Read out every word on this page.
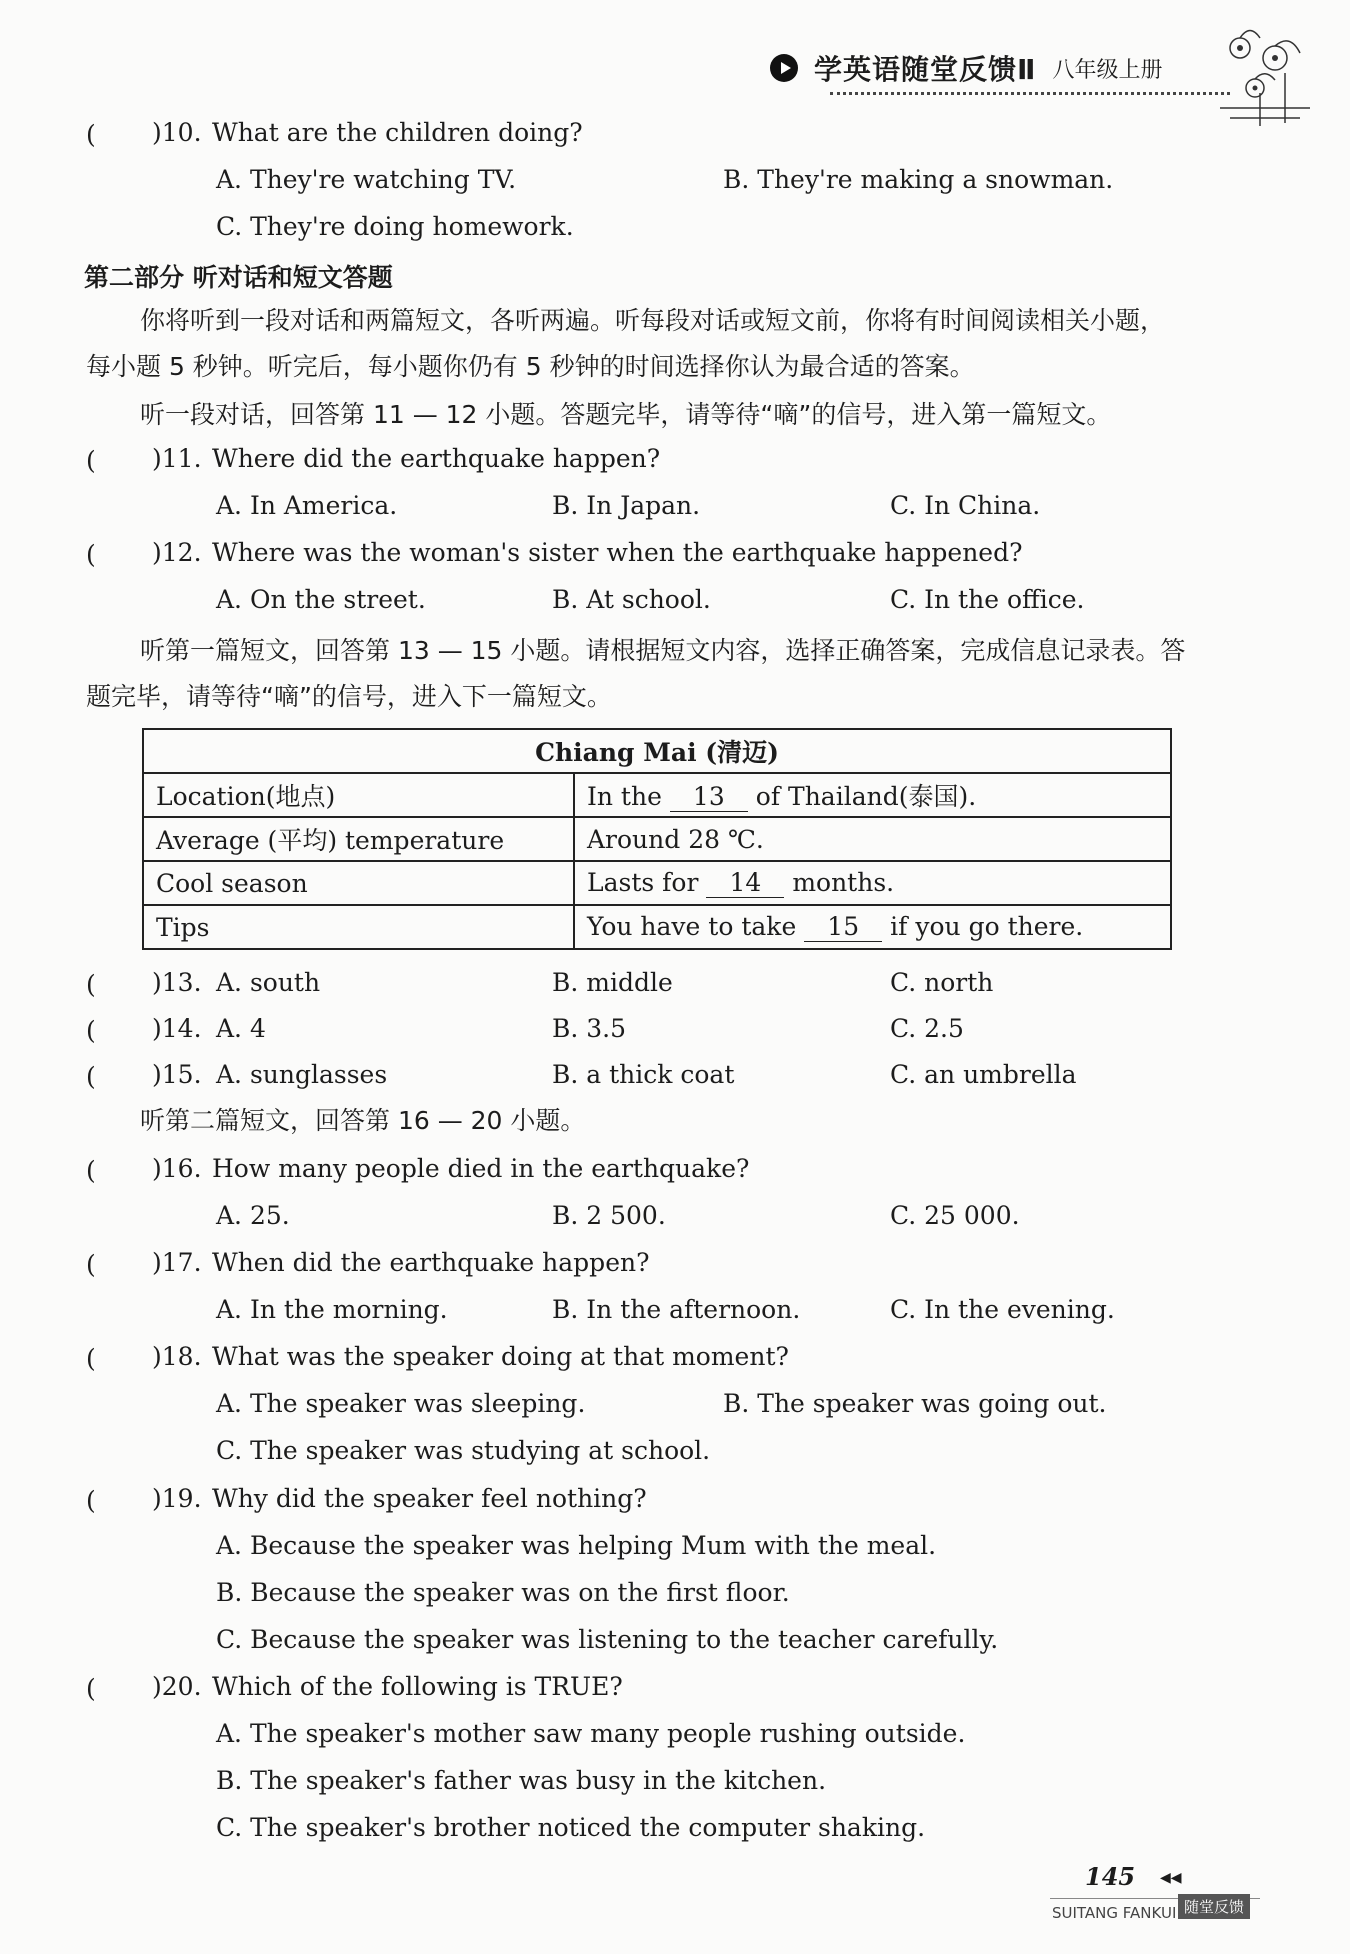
学英语随堂反馈Ⅱ 八年级上册
( )10. What are the children doing?
A. They're watching TV.	B. They're making a snowman.
C. They're doing homework.
第二部分 听对话和短文答题
你将听到一段对话和两篇短文，各听两遍。听每段对话或短文前，你将有时间阅读相关小题，
每小题 5 秒钟。听完后，每小题你仍有 5 秒钟的时间选择你认为最合适的答案。
听一段对话，回答第 11 — 12 小题。答题完毕，请等待“嘀”的信号，进入第一篇短文。
( )11. Where did the earthquake happen?
A. In America.	B. In Japan.	C. In China.
( )12. Where was the woman's sister when the earthquake happened?
A. On the street.	B. At school.	C. In the office.
听第一篇短文，回答第 13 — 15 小题。请根据短文内容，选择正确答案，完成信息记录表。答
题完毕，请等待“嘀”的信号，进入下一篇短文。
Chiang Mai (清迈)	
Location(地点)	In the 13 of Thailand(泰国).
Average (平均) temperature	Around 28 ℃.
Cool season	Lasts for 14 months.
Tips	You have to take 15 if you go there.
( )13. A. south	B. middle	C. north
( )14. A. 4	B. 3.5	C. 2.5
( )15. A. sunglasses	B. a thick coat	C. an umbrella
听第二篇短文，回答第 16 — 20 小题。
( )16. How many people died in the earthquake?
A. 25.	B. 2 500.	C. 25 000.
( )17. When did the earthquake happen?
A. In the morning.	B. In the afternoon.	C. In the evening.
( )18. What was the speaker doing at that moment?
A. The speaker was sleeping.	B. The speaker was going out.
C. The speaker was studying at school.
( )19. Why did the speaker feel nothing?
A. Because the speaker was helping Mum with the meal.
B. Because the speaker was on the first floor.
C. Because the speaker was listening to the teacher carefully.
( )20. Which of the following is TRUE?
A. The speaker's mother saw many people rushing outside.
B. The speaker's father was busy in the kitchen.
C. The speaker's brother noticed the computer shaking.
145 ◀◀
SUITANG FANKUI 随堂反馈
